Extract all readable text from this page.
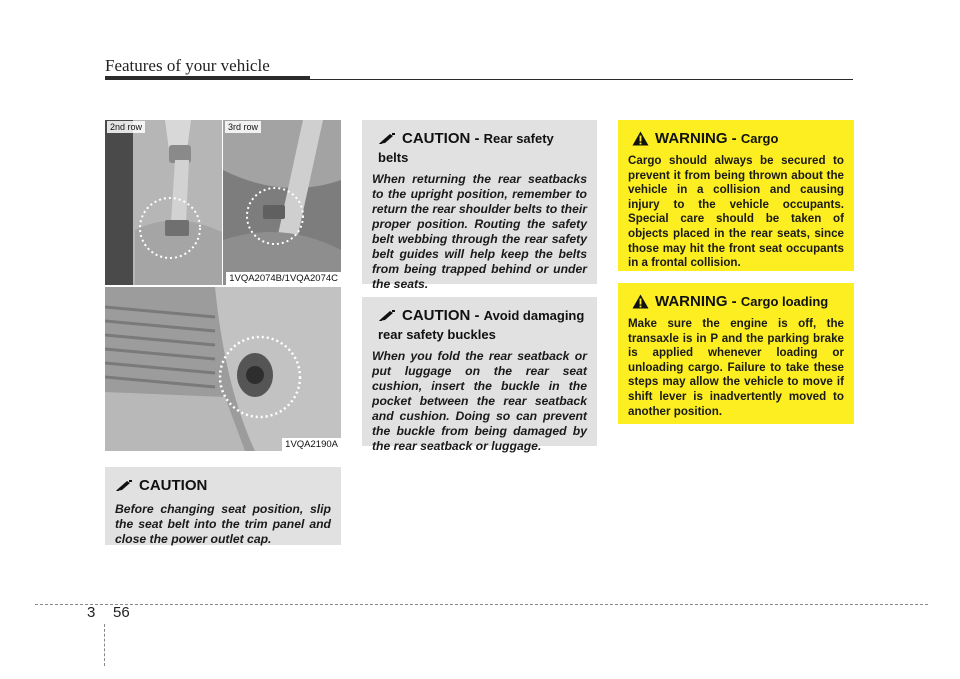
Features of your vehicle
2nd row	3rd row
1VQA2074B/1VQA2074C
1VQA2190A
CAUTION
Before changing seat position, slip the seat belt into the trim panel and close the power outlet cap.
CAUTION - Rear safety belts
When returning the rear seatbacks to the upright position, remember to return the rear shoulder belts to their proper position. Routing the safety belt webbing through the rear safety belt guides will help keep the belts from being trapped behind or under the seats.
CAUTION - Avoid damaging rear safety buckles
When you fold the rear seatback or put luggage on the rear seat cushion, insert the buckle in the pocket between the rear seatback and cushion. Doing so can prevent the buckle from being damaged by the rear seatback or luggage.
WARNING - Cargo
Cargo should always be secured to prevent it from being thrown about the vehicle in a collision and causing injury to the vehicle occupants. Special care should be taken of objects placed in the rear seats, since those may hit the front seat occupants in a frontal collision.
WARNING - Cargo loading
Make sure the engine is off, the transaxle is in P and the parking brake is applied whenever loading or unloading cargo. Failure to take these steps may allow the vehicle to move if shift lever is inadvertently moved to another position.
3 56
